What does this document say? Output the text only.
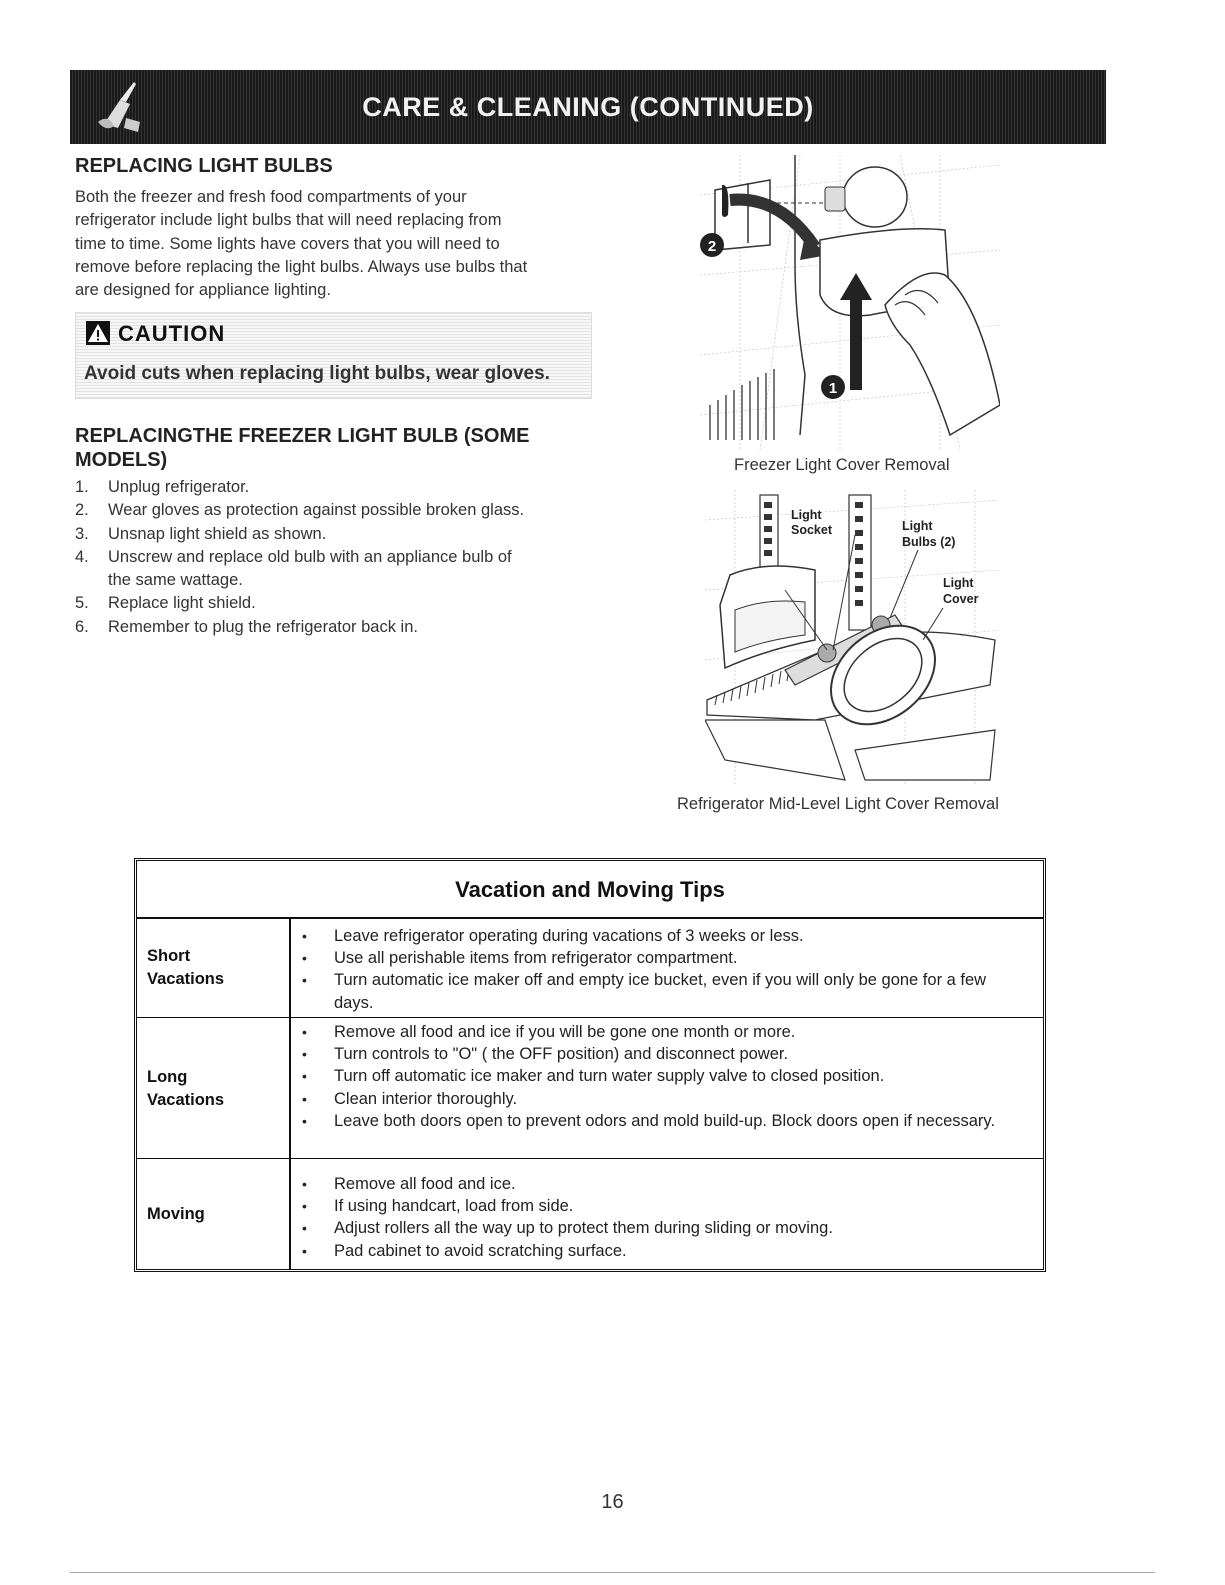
CARE & CLEANING (CONTINUED)
REPLACING LIGHT BULBS
Both the freezer and fresh food compartments of your
refrigerator include light bulbs that will need replacing from
time to time. Some lights have covers that you will need to
remove before replacing the light bulbs. Always use bulbs that
are designed for appliance lighting.
CAUTION
Avoid cuts when replacing light bulbs, wear gloves.
REPLACINGTHE FREEZER LIGHT BULB (SOME
MODELS)
1. Unplug refrigerator.
2. Wear gloves as protection against possible broken glass.
3. Unsnap light shield as shown.
4. Unscrew and replace old bulb with an appliance bulb of
the same wattage.
5. Replace light shield.
6. Remember to plug the refrigerator back in.
2
1
Freezer Light Cover Removal
Light
Socket	Light
Bulbs (2)
Light
Cover
Refrigerator Mid-Level Light Cover Removal
Vacation and Moving Tips
Short
Vacations
• Leave refrigerator operating during vacations of 3 weeks or less.
• Use all perishable items from refrigerator compartment.
• Turn automatic ice maker off and empty ice bucket, even if you will only be gone for a few days.
Long
Vacations
• Remove all food and ice if you will be gone one month or more.
• Turn controls to "O" ( the OFF position) and disconnect power.
• Turn off automatic ice maker and turn water supply valve to closed position.
• Clean interior thoroughly.
• Leave both doors open to prevent odors and mold build-up. Block doors open if necessary.
Moving
• Remove all food and ice.
• If using handcart, load from side.
• Adjust rollers all the way up to protect them during sliding or moving.
• Pad cabinet to avoid scratching surface.
16
